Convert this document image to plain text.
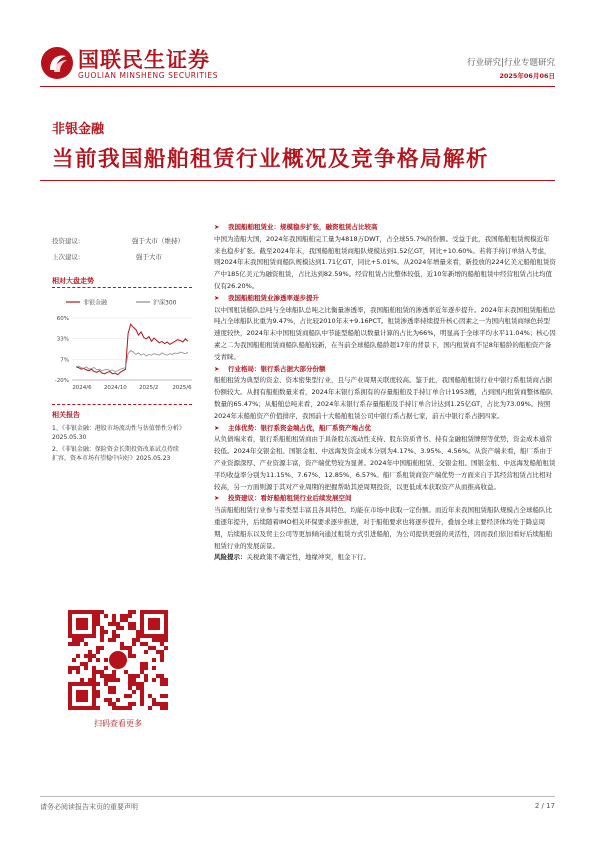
国联民生证券
GUOLIAN MINSHENG SECURITIES
行业研究|行业专题研究
2025年06月06日
非银金融
当前我国船舶租赁行业概况及竞争格局解析
投资建议:	强于大市（维持）
上次建议:	强于大市
相对大盘走势
非银金融	沪深300
60%
33%
7%
-20%
2024/6 2024/10 2025/2	2025/6
相关报告
1、《非银金融：港股市场流动性与估值弹性分析》2025.05.30
2、《非银金融：保险资金长期投资改革试点持续扩容，资本市场有望稳中向好》2025.05.23
扫码查看更多

➤ 我国船舶租赁业：规模稳步扩张，融资租赁占比较高

中国为造船大国，2024年我国船舶完工量为4818万DWT，占全球55.7%的份额。受益于此，我国船舶租赁规模近年来也稳步扩张。截至2024年末，我国船舶租赁商船队规模达到1.52亿GT，同比+10.60%。若将手持订单纳入考虑，则2024年末我国租赁商船队规模达到1.71亿GT，同比+5.01%。从2024年增量来看，新投放的224亿美元船舶租赁资产中185亿美元为融资租赁，占比达到82.59%。经营租赁占比整体较低，近10年新增的船舶租赁中经营租赁占比均值仅有26.20%。

➤ 我国船舶租赁业渗透率逐步提升

以中国租赁船队总吨与全球船队总吨之比衡量渗透率，我国船舶租赁的渗透率近年逐步提升。2024年末我国租赁船舶总吨占全球船队比重为9.47%，占比较2010年末+9.16PCT。租赁渗透率持续提升核心因素之一为国内租赁商绿色转型速度较快，2024年末中国租赁商船队中节能型船舶以数量计算的占比为66%，明显高于全球平均水平11.04%；核心因素之二为我国船舶租赁商船队船舶较新，在当前全球船队船龄超17年的背景下，国内租赁商不足8年船龄的船舶资产备受青睐。

➤ 行业格局：银行系占据大部分份额

船舶租赁为典型的资金、资本密集型行业，且与产业周期关联度较高。鉴于此，我国船舶租赁行业中银行系租赁商占据份额较大。从拥有船舶数量来看，2024年末银行系拥有的存量船舶及手持订单合计1953艘，占到国内租赁商整体船队数量的65.47%；从船舶总吨来看，2024年末银行系存量船舶及手持订单合计达到1.25亿GT，占比为73.09%。按照2024年末船舶资产价值排序，我国前十大船舶租赁公司中银行系占据七家，前五中银行系占据四家。

➤ 主体优势：银行系资金端占优，船厂系资产端占优

从负债端来看，银行系船舶租赁商由于具备股东流动性支持、股东资质背书、持有金融租赁牌照等优势，资金成本通常较低。2024年交银金租、国银金租、中远海发资金成本分别为4.17%、3.95%、4.56%。从资产端来看，船厂系由于产业资源深厚、产业资源丰富，资产端优势较为显著。2024年中国船舶租赁、交银金租、国银金租、中远海发船舶租赁平均收益率分别为11.15%、7.67%、12.85%、6.57%。船厂系租赁商资产端优势一方面来自于其经营租赁占比相对较高，另一方面则源于其对产业周期的把握帮助其逆周期投资，以更低成本获取资产从而推高收益。

➤ 投资建议：看好船舶租赁行业后续发展空间

当前船舶租赁行业参与者类型丰富且各具特色，均能在市场中获取一定份额。而近年来我国租赁船队规模占全球船队比重逐年提升，后续随着IMO相关环保要求逐步推进，对于船舶要求也将逐步提升，叠加全球主要经济体均处于降息周期，后续船东以及贸主公司等更加倾向通过租赁方式引进船舶，为公司提供更强的灵活性，因而我们依旧看好后续船舶租赁行业的发展前景。

风险提示：关税政策不确定性，地缘冲突，租金下行。

请务必阅读报告末页的重要声明	2 / 17
